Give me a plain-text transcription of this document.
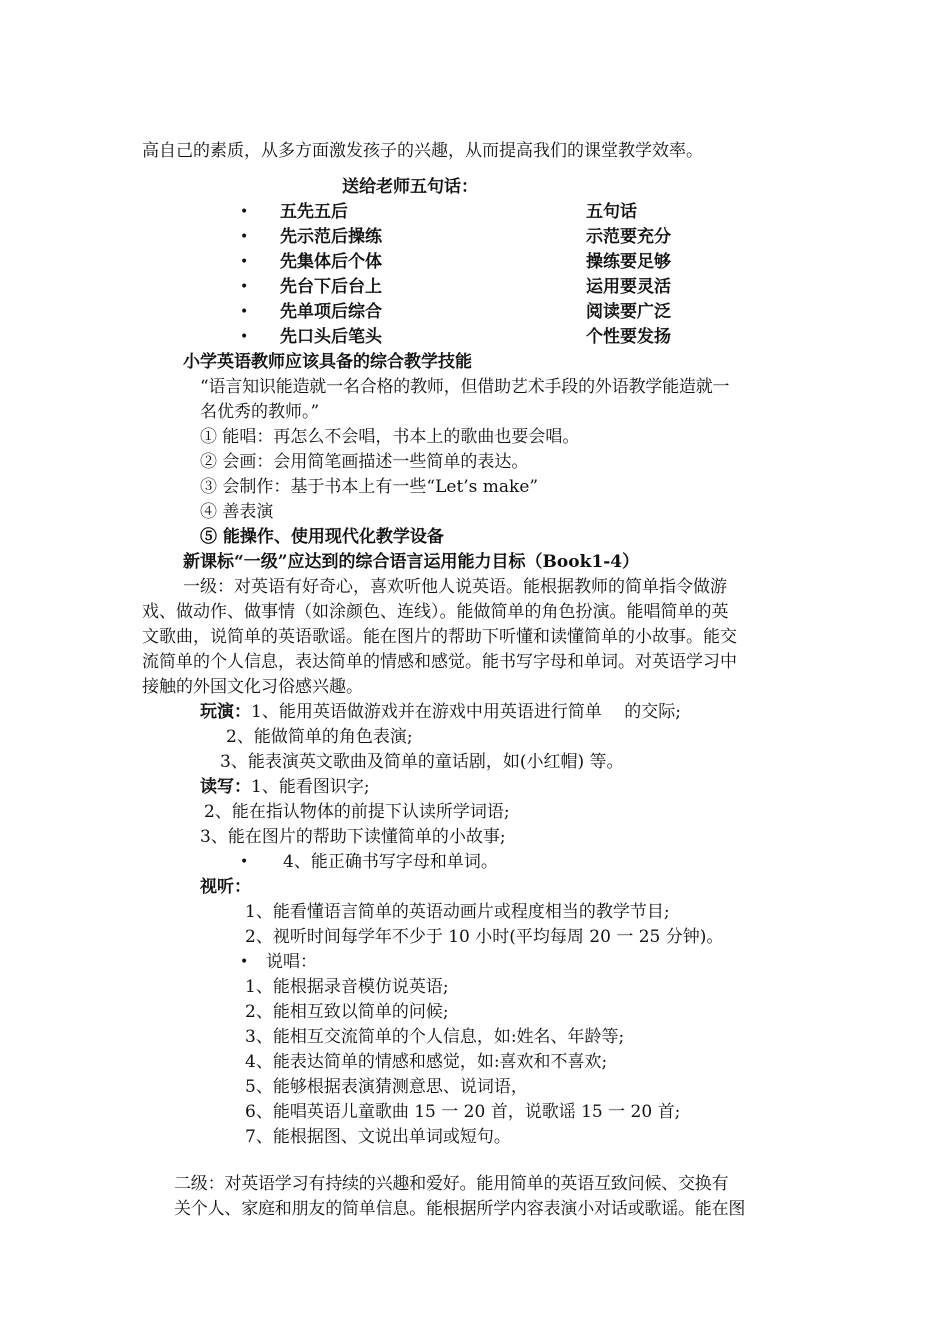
高自己的素质，从多方面激发孩子的兴趣，从而提高我们的课堂教学效率。
送给老师五句话：
• 五先五后	五句话
• 先示范后操练	示范要充分
• 先集体后个体	操练要足够
• 先台下后台上	运用要灵活
• 先单项后综合	阅读要广泛
• 先口头后笔头	个性要发扬
小学英语教师应该具备的综合教学技能
“语言知识能造就一名合格的教师，但借助艺术手段的外语教学能造就一
名优秀的教师。”
① 能唱：再怎么不会唱，书本上的歌曲也要会唱。
② 会画：会用简笔画描述一些简单的表达。
③ 会制作：基于书本上有一些“Let’s make”
④ 善表演
⑤ 能操作、使用现代化教学设备
新课标“一级”应达到的综合语言运用能力目标（Book1-4）
一级：对英语有好奇心，喜欢听他人说英语。能根据教师的简单指令做游
戏、做动作、做事情（如涂颜色、连线）。能做简单的角色扮演。能唱简单的英
文歌曲，说简单的英语歌谣。能在图片的帮助下听懂和读懂简单的小故事。能交
流简单的个人信息，表达简单的情感和感觉。能书写字母和单词。对英语学习中
接触的外国文化习俗感兴趣。
玩演：1、能用英语做游戏并在游戏中用英语进行简单　 的交际;
2、能做简单的角色表演;
3、能表演英文歌曲及简单的童话剧，如(小红帽) 等。
读写：1、能看图识字;
2、能在指认物体的前提下认读所学词语;
3、能在图片的帮助下读懂简单的小故事;
• 4、能正确书写字母和单词。
视听：
1、能看懂语言简单的英语动画片或程度相当的教学节目;
2、视听时间每学年不少于 10 小时(平均每周 20 一 25 分钟)。
• 说唱：
1、能根据录音模仿说英语;
2、能相互致以简单的问候;
3、能相互交流简单的个人信息，如:姓名、年龄等;
4、能表达简单的情感和感觉，如:喜欢和不喜欢;
5、能够根据表演猜测意思、说词语，
6、能唱英语儿童歌曲 15 一 20 首，说歌谣 15 一 20 首;
7、能根据图、文说出单词或短句。
二级：对英语学习有持续的兴趣和爱好。能用简单的英语互致问候、交换有
关个人、家庭和朋友的简单信息。能根据所学内容表演小对话或歌谣。能在图
